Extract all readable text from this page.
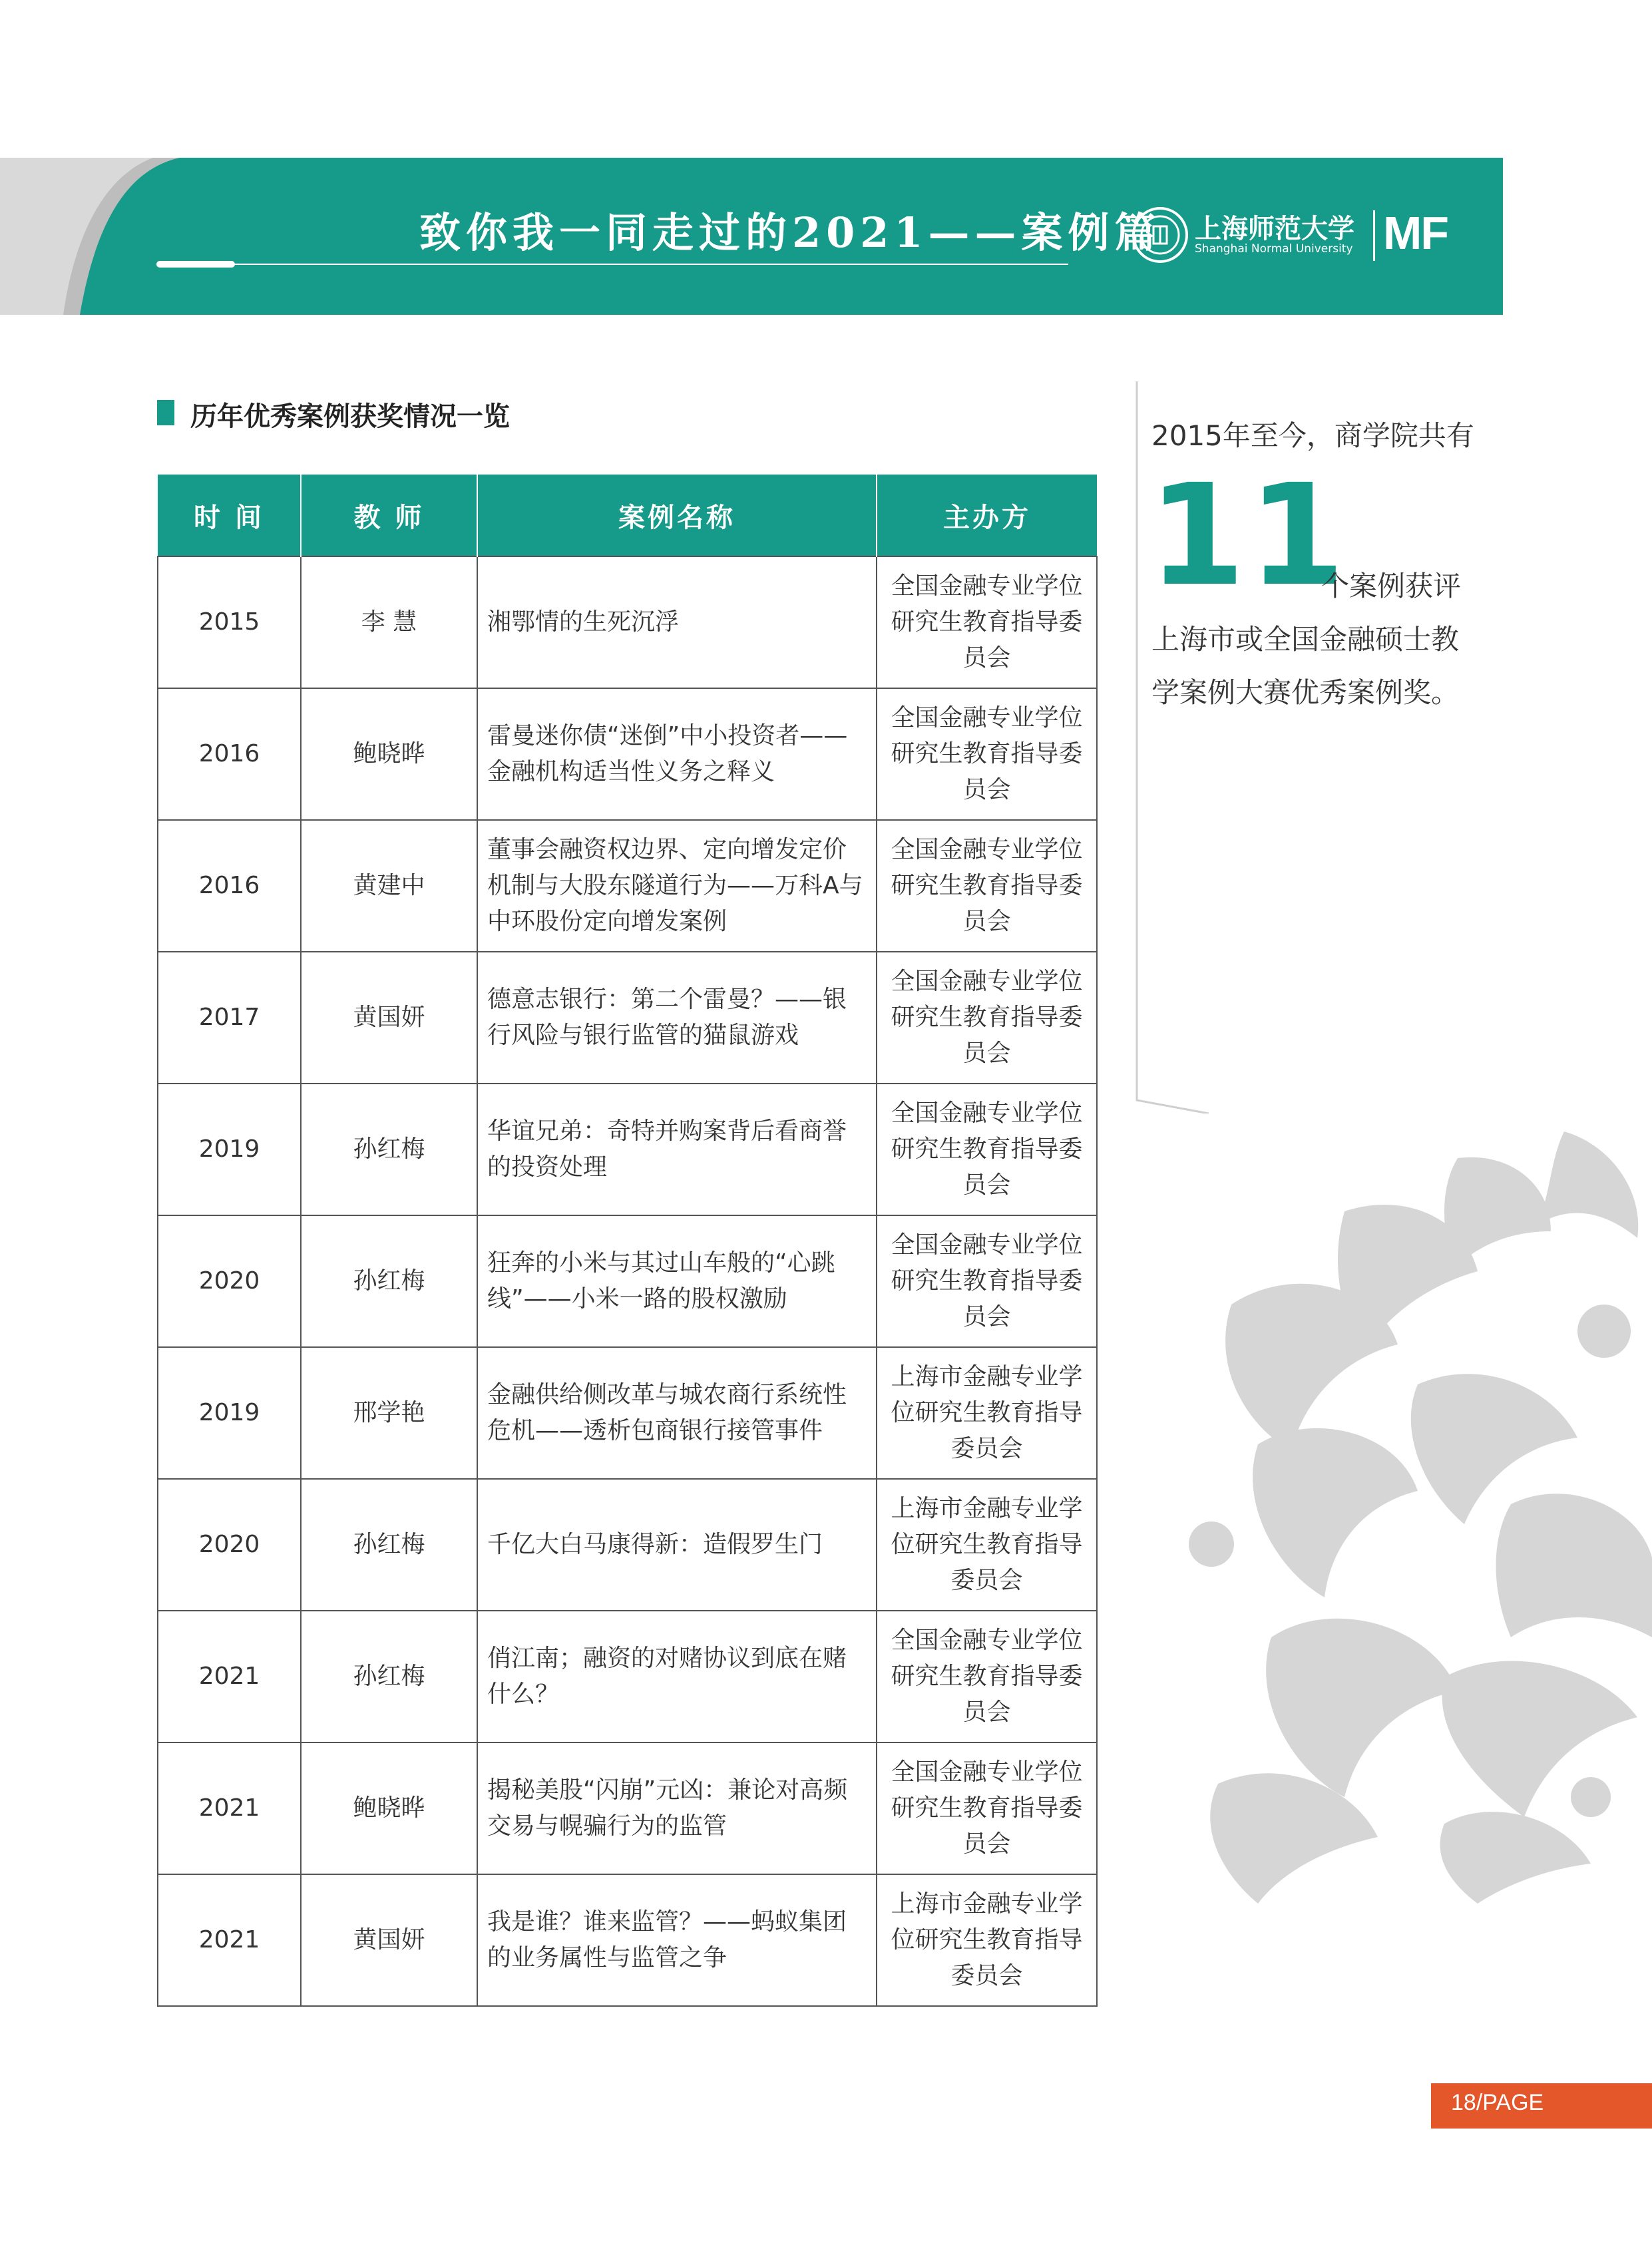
致你我一同走过的2021——案例篇 上海师范大学
Shanghai Normal University MF
历年优秀案例获奖情况一览
时 间	教 师	案例名称	主办方
2015	李 慧	湘鄂情的生死沉浮	全国金融专业学位研究生教育指导委员会
2016	鲍晓晔	雷曼迷你债“迷倒”中小投资者——金融机构适当性义务之释义	全国金融专业学位研究生教育指导委员会
2016	黄建中	董事会融资权边界、定向增发定价机制与大股东隧道行为——万科A与中环股份定向增发案例	全国金融专业学位研究生教育指导委员会
2017	黄国妍	德意志银行：第二个雷曼？——银行风险与银行监管的猫鼠游戏	全国金融专业学位研究生教育指导委员会
2019	孙红梅	华谊兄弟：奇特并购案背后看商誉的投资处理	全国金融专业学位研究生教育指导委员会
2020	孙红梅	狂奔的小米与其过山车般的“心跳线”——小米一路的股权激励	全国金融专业学位研究生教育指导委员会
2019	邢学艳	金融供给侧改革与城农商行系统性危机——透析包商银行接管事件	上海市金融专业学位研究生教育指导委员会
2020	孙红梅	千亿大白马康得新：造假罗生门	上海市金融专业学位研究生教育指导委员会
2021	孙红梅	俏江南；融资的对赌协议到底在赌什么？	全国金融专业学位研究生教育指导委员会
2021	鲍晓晔	揭秘美股“闪崩”元凶：兼论对高频交易与幌骗行为的监管	全国金融专业学位研究生教育指导委员会
2021	黄国妍	我是谁？谁来监管？——蚂蚁集团的业务属性与监管之争	上海市金融专业学位研究生教育指导委员会
2015年至今，商学院共有
11
个案例获评
上海市或全国金融硕士教
学案例大赛优秀案例奖。
18/PAGE
